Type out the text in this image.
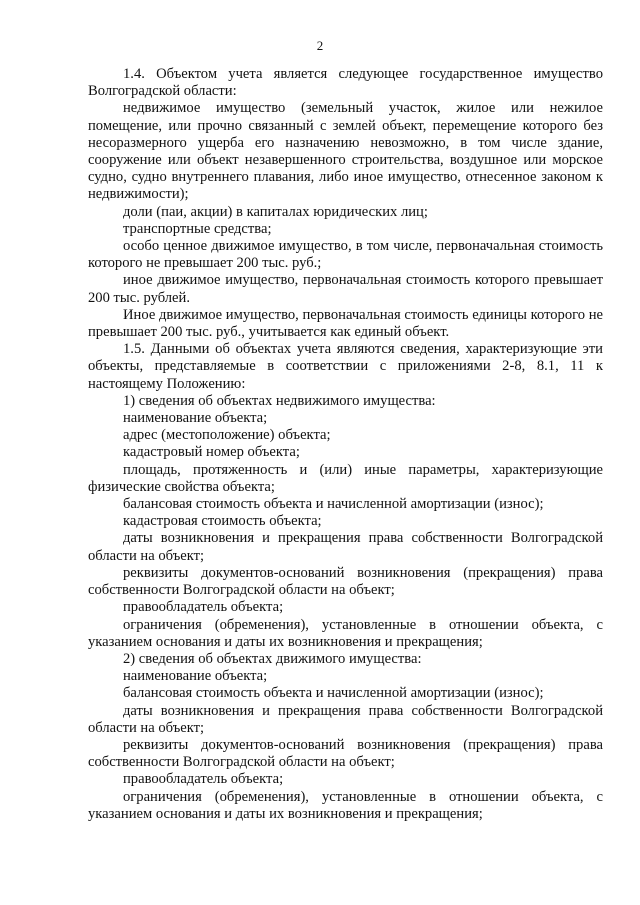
2

1.4. Объектом учета является следующее государственное имущество Волгоградской области:

недвижимое имущество (земельный участок, жилое или нежилое помещение, или прочно связанный с землей объект, перемещение которого без несоразмерного ущерба его назначению невозможно, в том числе здание, сооружение или объект незавершенного строительства, воздушное или морское судно, судно внутреннего плавания, либо иное имущество, отнесенное законом к недвижимости);

доли (паи, акции) в капиталах юридических лиц;

транспортные средства;

особо ценное движимое имущество, в том числе, первоначальная стоимость которого не превышает 200 тыс. руб.;

иное движимое имущество, первоначальная стоимость которого превышает 200 тыс. рублей.

Иное движимое имущество, первоначальная стоимость единицы которого не превышает 200 тыс. руб., учитывается как единый объект.

1.5. Данными об объектах учета являются сведения, характеризующие эти объекты, представляемые в соответствии с приложениями 2-8, 8.1, 11 к настоящему Положению:

1) сведения об объектах недвижимого имущества:

наименование объекта;

адрес (местоположение) объекта;

кадастровый номер объекта;

площадь, протяженность и (или) иные параметры, характеризующие физические свойства объекта;

балансовая стоимость объекта и начисленной амортизации (износ);

кадастровая стоимость объекта;

даты возникновения и прекращения права собственности Волгоградской области на объект;

реквизиты документов-оснований возникновения (прекращения) права собственности Волгоградской области на объект;

правообладатель объекта;

ограничения (обременения), установленные в отношении объекта, с указанием основания и даты их возникновения и прекращения;

2) сведения об объектах движимого имущества:

наименование объекта;

балансовая стоимость объекта и начисленной амортизации (износ);

даты возникновения и прекращения права собственности Волгоградской области на объект;

реквизиты документов-оснований возникновения (прекращения) права собственности Волгоградской области на объект;

правообладатель объекта;

ограничения (обременения), установленные в отношении объекта, с указанием основания и даты их возникновения и прекращения;
